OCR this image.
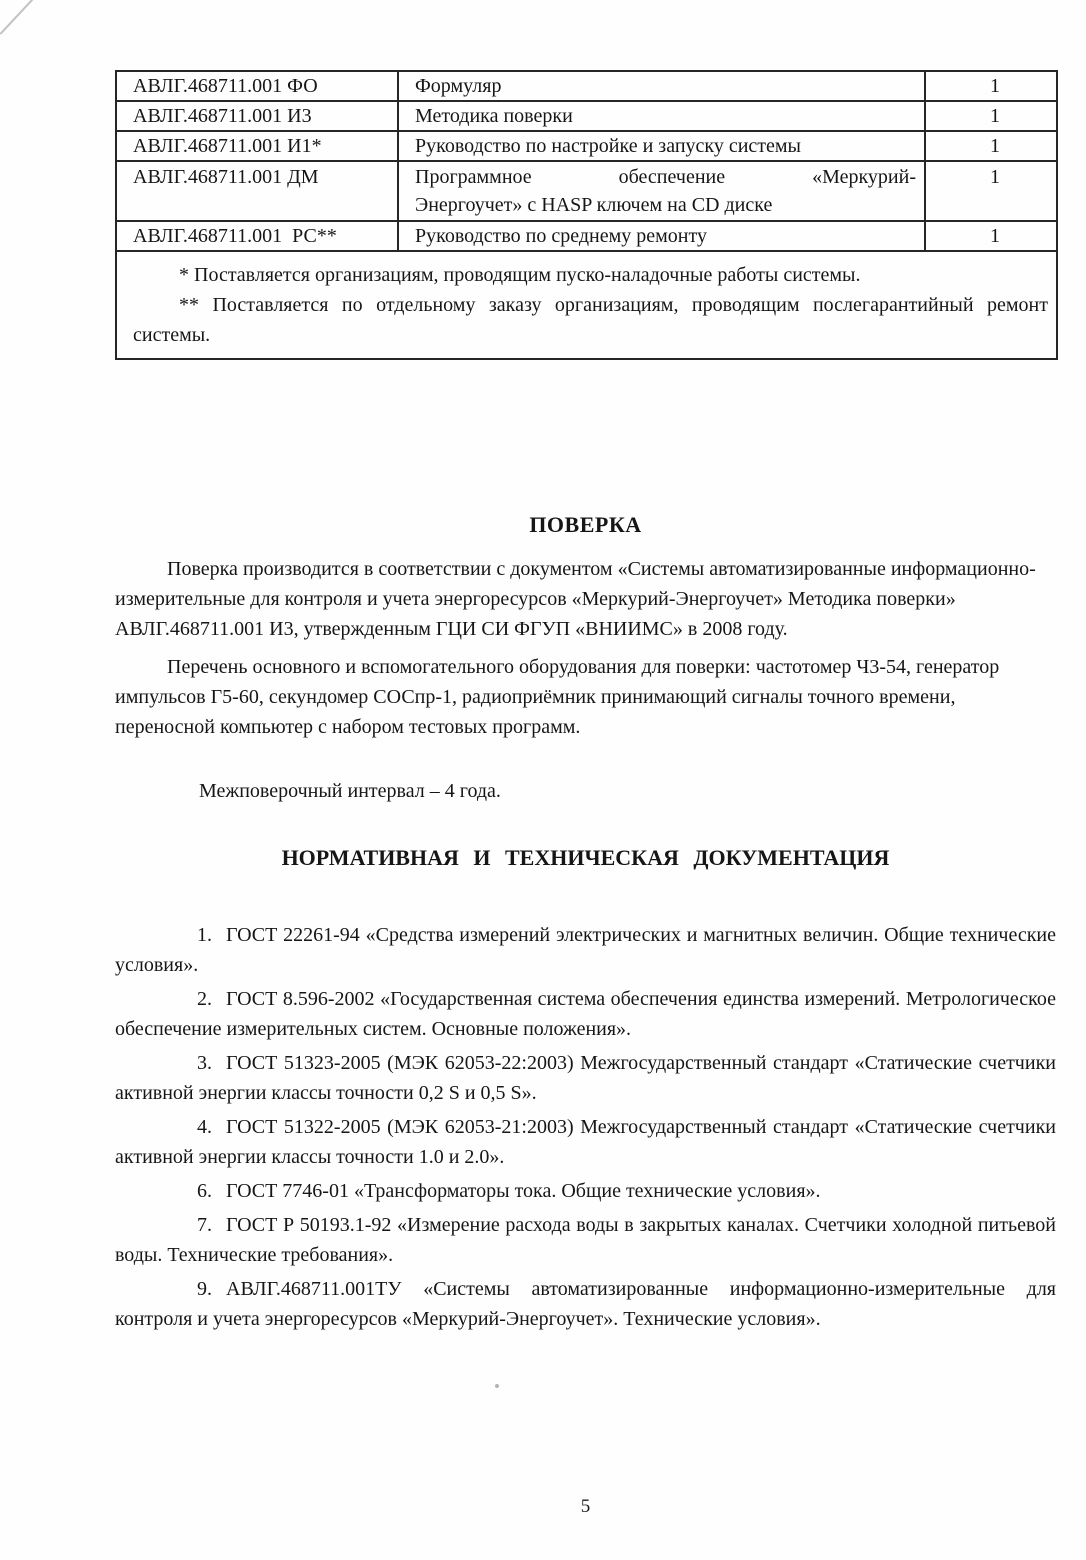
АВЛГ.468711.001 ФО	Формуляр	1
АВЛГ.468711.001 И3	Методика поверки	1
АВЛГ.468711.001 И1*	Руководство по настройке и запуску системы	1
АВЛГ.468711.001 ДМ	Программное обеспечение «Меркурий-
Энергоучет» с HASP ключем на CD диске	1
АВЛГ.468711.001  РС**	Руководство по среднему ремонту	1

* Поставляется организациям, проводящим пуско-наладочные работы системы.

** Поставляется по отдельному заказу организациям, проводящим послегарантийный ремонт системы.		

ПОВЕРКА

Поверка производится в соответствии с документом «Системы автоматизированные информационно-измерительные для контроля и учета энергоресурсов «Меркурий-Энергоучет» Методика поверки» АВЛГ.468711.001 И3, утвержденным ГЦИ СИ ФГУП «ВНИИМС» в 2008 году.

Перечень основного и вспомогательного оборудования для поверки: частотомер Ч3-54, генератор импульсов Г5-60, секундомер СОСпр-1, радиоприёмник принимающий сигналы точного времени, переносной компьютер с набором тестовых программ.

Межповерочный интервал – 4 года.

НОРМАТИВНАЯ И ТЕХНИЧЕСКАЯ ДОКУМЕНТАЦИЯ

1. ГОСТ 22261-94 «Средства измерений электрических и магнитных величин. Общие технические условия».

2. ГОСТ 8.596-2002 «Государственная система обеспечения единства измерений. Метрологическое обеспечение измерительных систем. Основные положения».

3. ГОСТ 51323-2005 (МЭК 62053-22:2003) Межгосударственный стандарт «Статические счетчики активной энергии классы точности 0,2 S и 0,5 S».

4. ГОСТ 51322-2005 (МЭК 62053-21:2003) Межгосударственный стандарт «Статические счетчики активной энергии классы точности 1.0 и 2.0».

6. ГОСТ 7746-01 «Трансформаторы тока. Общие технические условия».

7. ГОСТ Р 50193.1-92 «Измерение расхода воды в закрытых каналах. Счетчики холодной питьевой воды. Технические требования».

9. АВЛГ.468711.001ТУ «Системы автоматизированные информационно-измерительные для контроля и учета энергоресурсов «Меркурий-Энергоучет». Технические условия».

5
